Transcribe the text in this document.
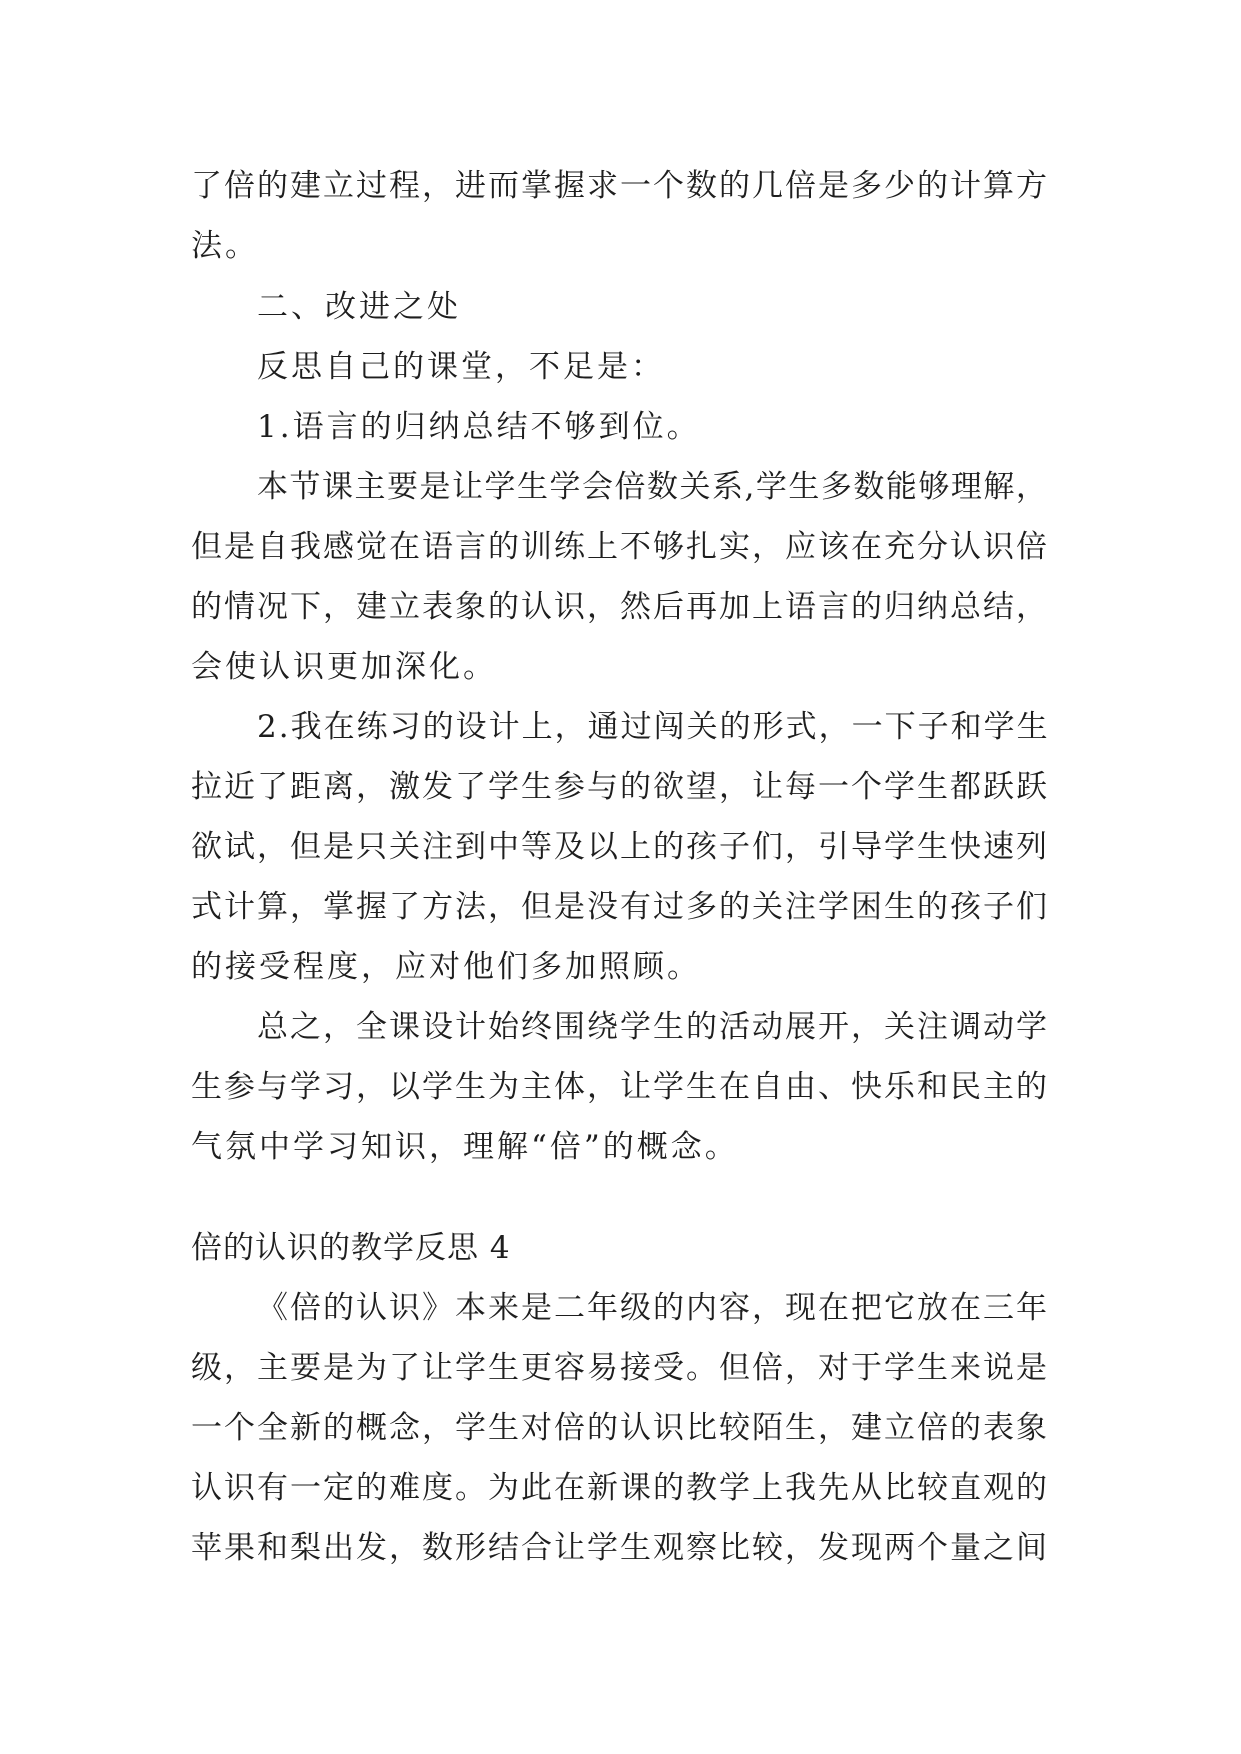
了倍的建立过程，进而掌握求一个数的几倍是多少的计算方
法。
二、改进之处
反思自己的课堂，不足是：
1.语言的归纳总结不够到位。
本节课主要是让学生学会倍数关系,学生多数能够理解，
但是自我感觉在语言的训练上不够扎实，应该在充分认识倍
的情况下，建立表象的认识，然后再加上语言的归纳总结，
会使认识更加深化。
2.我在练习的设计上，通过闯关的形式，一下子和学生
拉近了距离，激发了学生参与的欲望，让每一个学生都跃跃
欲试，但是只关注到中等及以上的孩子们，引导学生快速列
式计算，掌握了方法，但是没有过多的关注学困生的孩子们
的接受程度，应对他们多加照顾。
总之，全课设计始终围绕学生的活动展开，关注调动学
生参与学习，以学生为主体，让学生在自由、快乐和民主的
气氛中学习知识，理解“倍”的概念。
倍的认识的教学反思 4
《倍的认识》本来是二年级的内容，现在把它放在三年
级，主要是为了让学生更容易接受。但倍，对于学生来说是
一个全新的概念，学生对倍的认识比较陌生，建立倍的表象
认识有一定的难度。为此在新课的教学上我先从比较直观的
苹果和梨出发，数形结合让学生观察比较，发现两个量之间
